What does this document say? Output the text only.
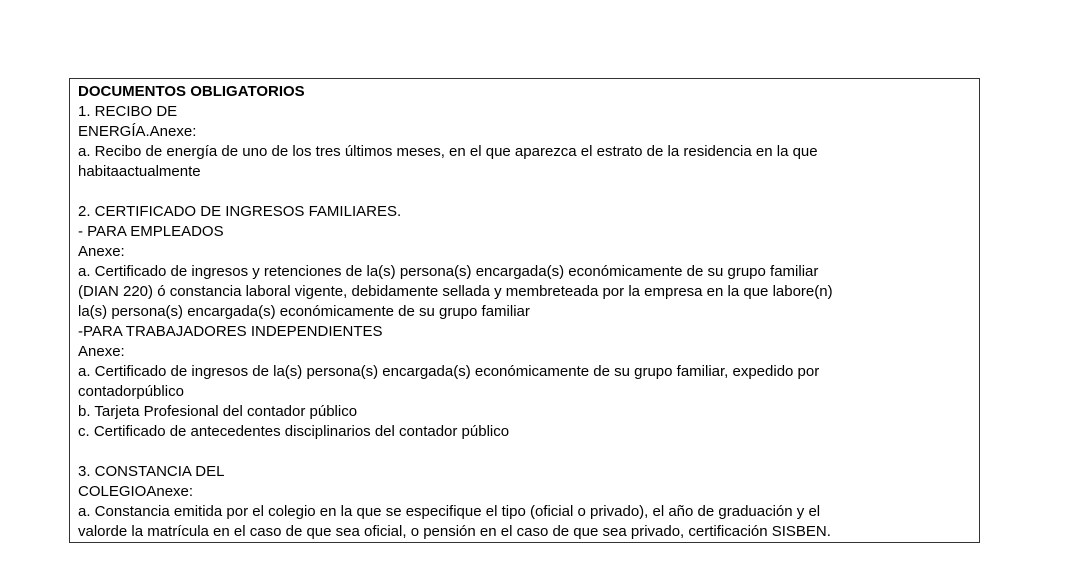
DOCUMENTOS OBLIGATORIOS
1. RECIBO DE
ENERGÍA.Anexe:
a. Recibo de energía de uno de los tres últimos meses, en el que aparezca el estrato de la residencia en la que
habitaactualmente
2. CERTIFICADO DE INGRESOS FAMILIARES.
- PARA EMPLEADOS
Anexe:
a. Certificado de ingresos y retenciones de la(s) persona(s) encargada(s) económicamente de su grupo familiar
(DIAN 220) ó constancia laboral vigente, debidamente sellada y membreteada por la empresa en la que labore(n)
la(s) persona(s) encargada(s) económicamente de su grupo familiar
-PARA TRABAJADORES INDEPENDIENTES
Anexe:
a. Certificado de ingresos de la(s) persona(s) encargada(s) económicamente de su grupo familiar, expedido por
contadorpúblico
b. Tarjeta Profesional del contador público
c. Certificado de antecedentes disciplinarios del contador público
3. CONSTANCIA DEL
COLEGIOAnexe:
a. Constancia emitida por el colegio en la que se especifique el tipo (oficial o privado), el año de graduación y el
valorde la matrícula en el caso de que sea oficial, o pensión en el caso de que sea privado, certificación SISBEN.
